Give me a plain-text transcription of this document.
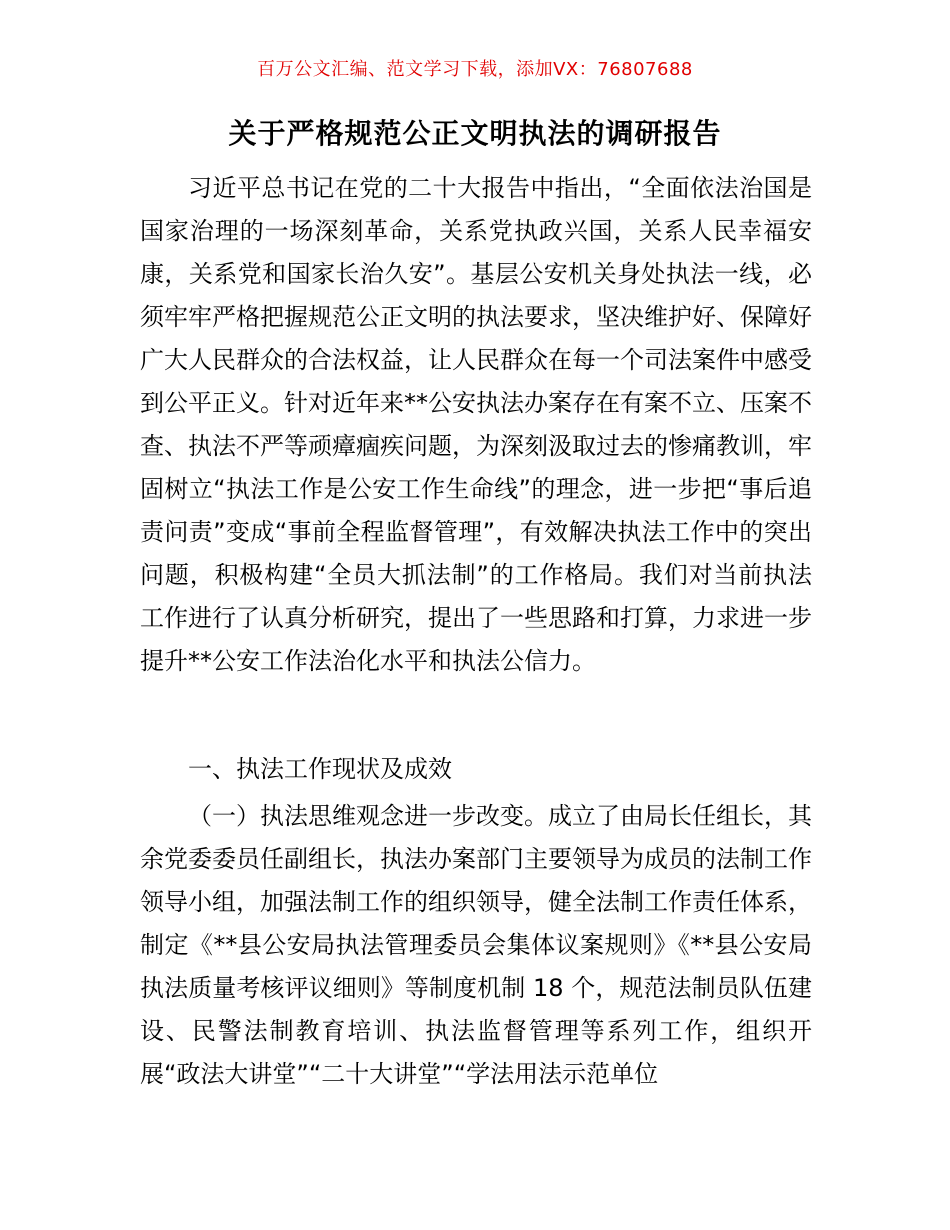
百万公文汇编、范文学习下载，添加VX：76807688
关于严格规范公正文明执法的调研报告

习近平总书记在党的二十大报告中指出，“全面依法治国是国家治理的一场深刻革命，关系党执政兴国，关系人民幸福安康，关系党和国家长治久安”。基层公安机关身处执法一线，必须牢牢严格把握规范公正文明的执法要求，坚决维护好、保障好广大人民群众的合法权益，让人民群众在每一个司法案件中感受到公平正义。针对近年来**公安执法办案存在有案不立、压案不查、执法不严等顽瘴痼疾问题，为深刻汲取过去的惨痛教训，牢固树立“执法工作是公安工作生命线”的理念，进一步把“事后追责问责”变成“事前全程监督管理”，有效解决执法工作中的突出问题，积极构建“全员大抓法制”的工作格局。我们对当前执法工作进行了认真分析研究，提出了一些思路和打算，力求进一步提升**公安工作法治化水平和执法公信力。

一、执法工作现状及成效

（一）执法思维观念进一步改变。成立了由局长任组长，其余党委委员任副组长，执法办案部门主要领导为成员的法制工作领导小组，加强法制工作的组织领导，健全法制工作责任体系，制定《**县公安局执法管理委员会集体议案规则》《**县公安局执法质量考核评议细则》等制度机制 18 个，规范法制员队伍建设、民警法制教育培训、执法监督管理等系列工作，组织开展“政法大讲堂”“二十大讲堂”“学法用法示范单位
